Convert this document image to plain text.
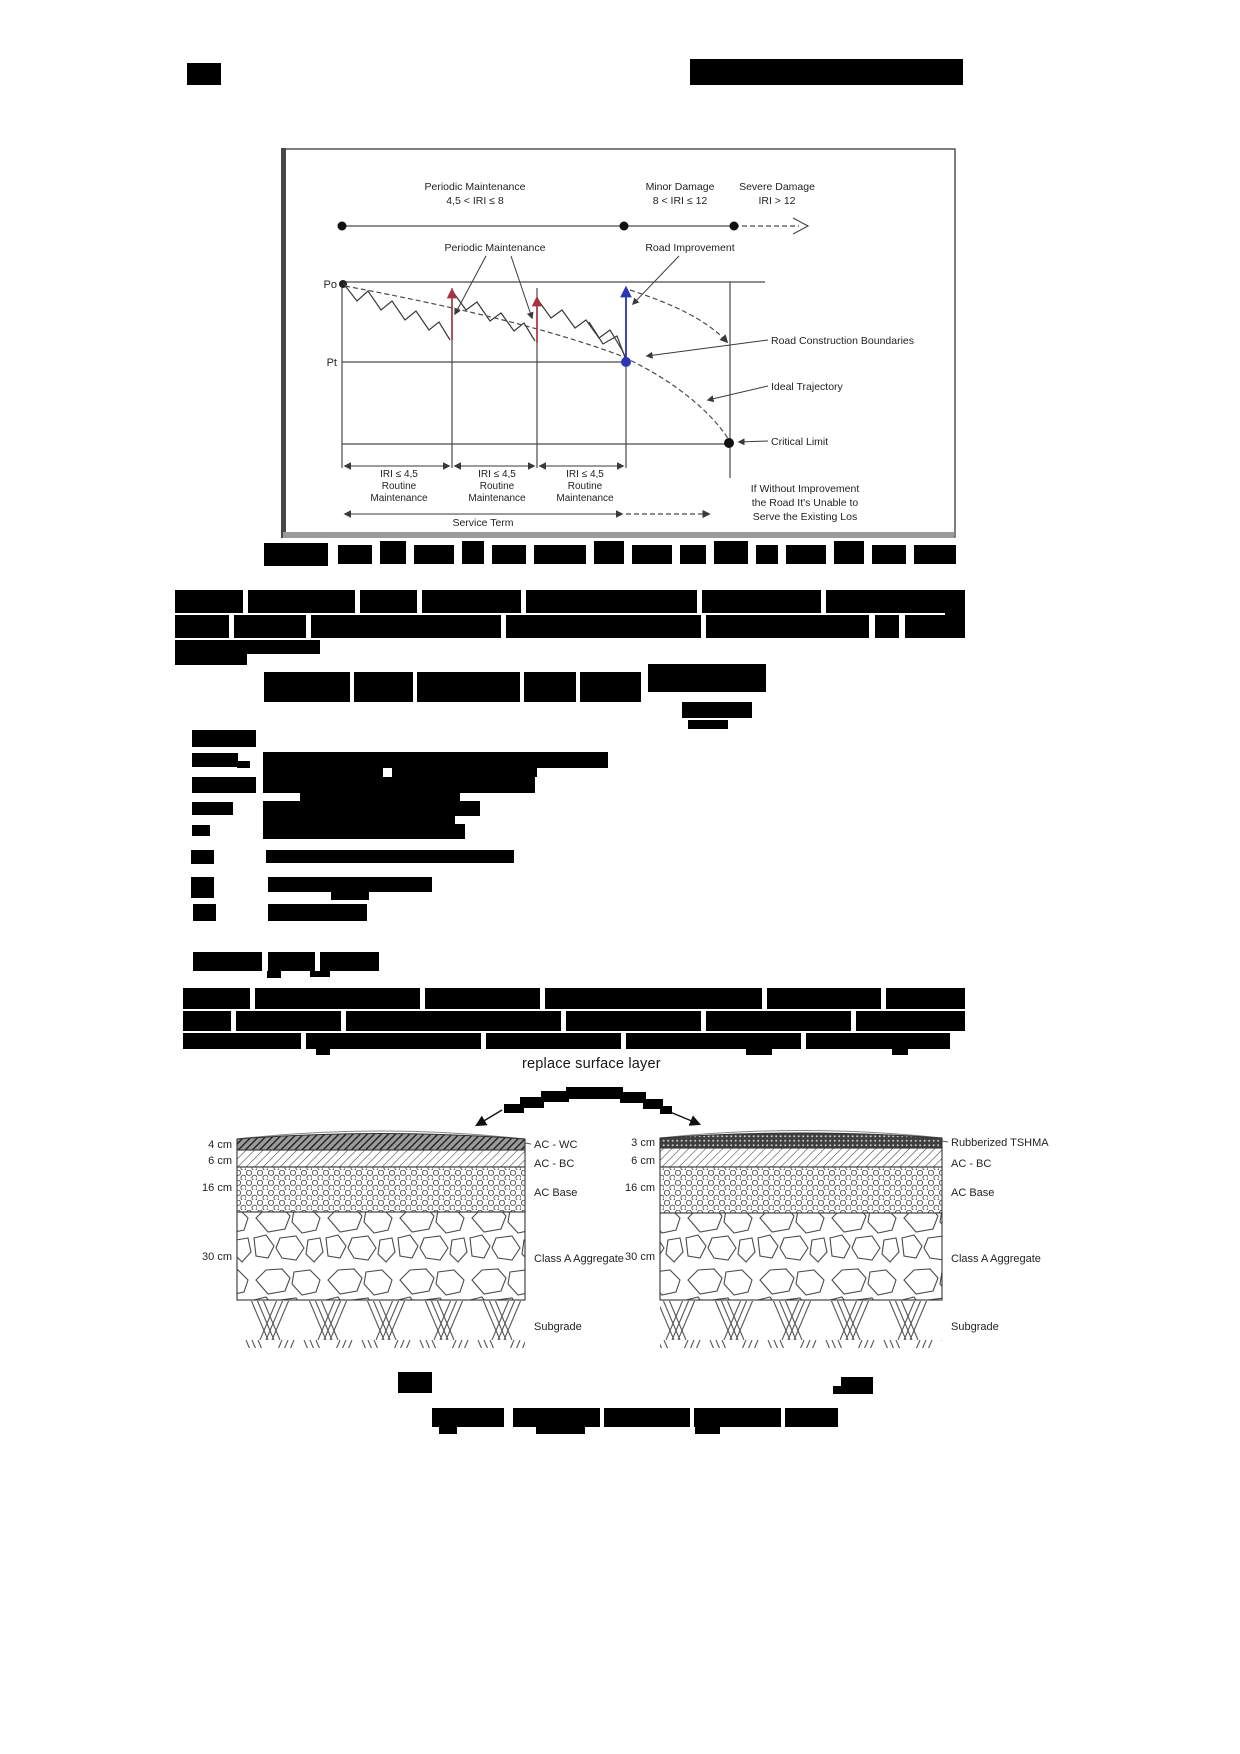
Periodic Maintenance
4,5 < IRI ≤ 8
Minor Damage
8 < IRI ≤ 12
Severe Damage
IRI > 12
Periodic Maintenance	Road Improvement
Po
Pt
Road Construction Boundaries
Ideal Trajectory
Critical Limit
IRI ≤ 4,5
Routine
Maintenance
IRI ≤ 4,5
Routine
Maintenance
IRI ≤ 4,5
Routine
Maintenance
Service Term
If Without Improvement
the Road It's Unable to
Serve the Existing Los
replace surface layer
4 cm
6 cm
16 cm
30 cm
AC - WC
AC - BC
AC Base
Class A Aggregate
Subgrade
3 cm
6 cm
16 cm
30 cm
Rubberized TSHMA
AC - BC
AC Base
Class A Aggregate
Subgrade
